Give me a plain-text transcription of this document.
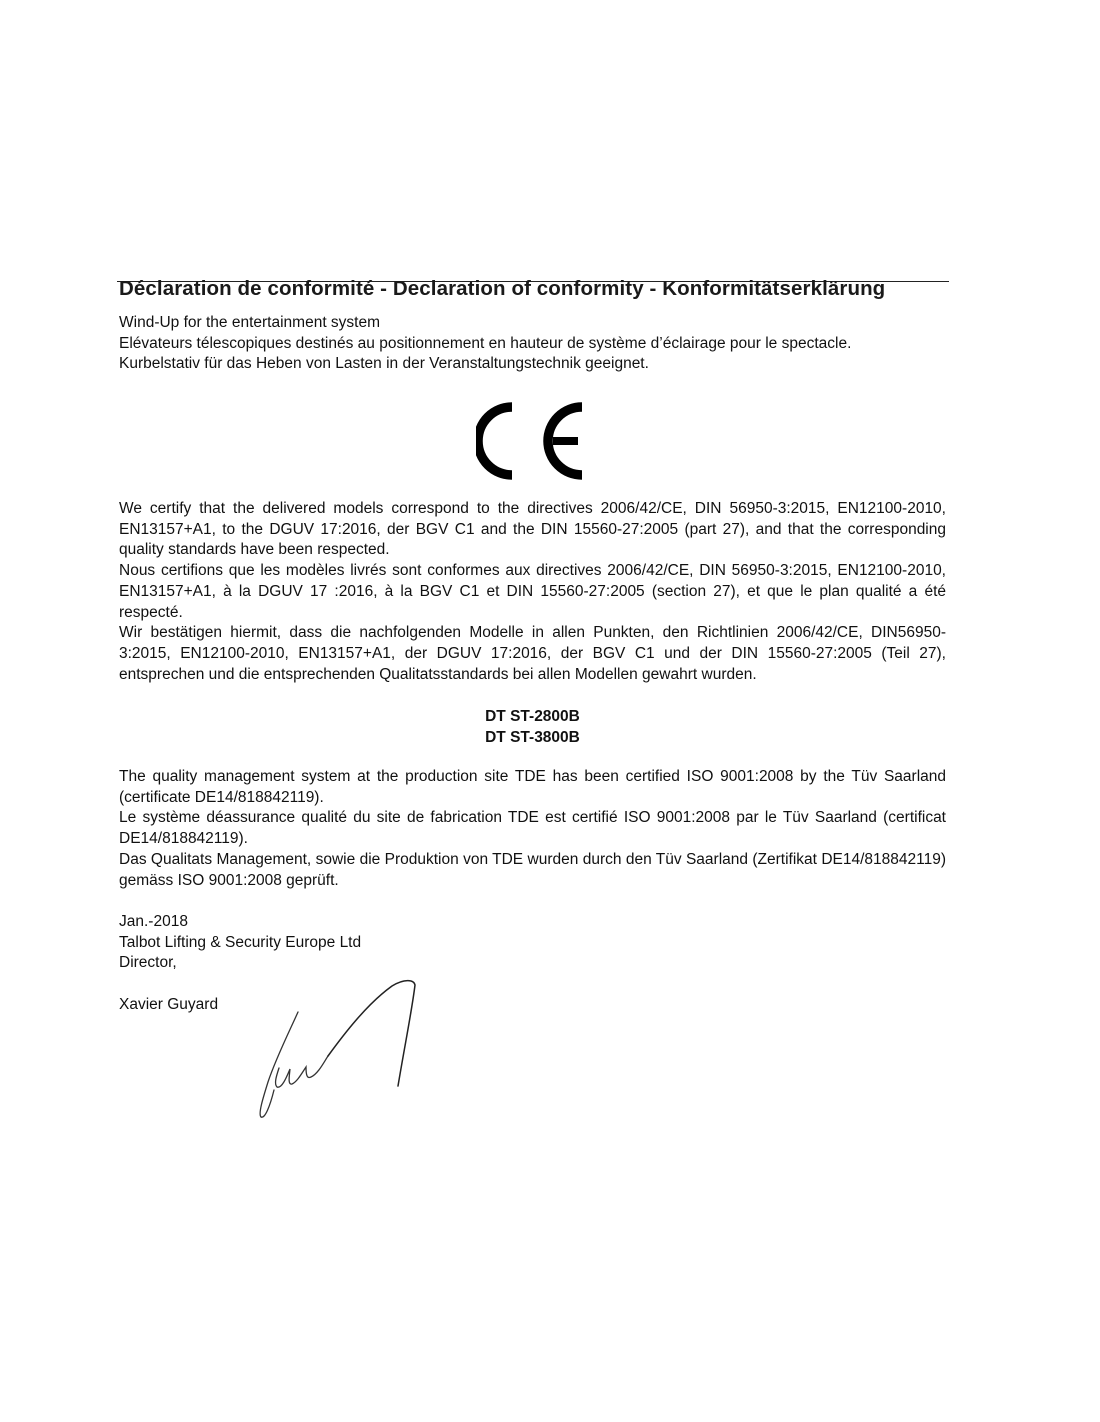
Déclaration de conformité - Declaration of conformity - Konformitätserklärung
Wind-Up for the entertainment system
Elévateurs télescopiques destinés au positionnement en hauteur de système d’éclairage pour le spectacle.
Kurbelstativ für das Heben von Lasten in der Veranstaltungstechnik geeignet.

We certify that the delivered models correspond to the directives 2006/42/CE, DIN 56950-3:2015, EN12100-2010, EN13157+A1, to the DGUV 17:2016, der BGV C1 and the DIN 15560-27:2005 (part 27), and that the corresponding quality standards have been respected.

Nous certifions que les modèles livrés sont conformes aux directives 2006/42/CE, DIN 56950-3:2015, EN12100-2010, EN13157+A1, à la DGUV 17 :2016, à la BGV C1 et DIN 15560-27:2005 (section 27), et que le plan qualité a été respecté.

Wir bestätigen hiermit, dass die nachfolgenden Modelle in allen Punkten, den Richtlinien 2006/42/CE, DIN56950-3:2015, EN12100-2010, EN13157+A1, der DGUV 17:2016, der BGV C1 und der DIN 15560-27:2005 (Teil 27), entsprechen und die entsprechenden Qualitatsstandards bei allen Modellen gewahrt wurden.

DT ST-2800B
DT ST-3800B

The quality management system at the production site TDE has been certified ISO 9001:2008 by the Tüv Saarland (certificate DE14/818842119).

Le système déassurance qualité du site de fabrication TDE est certifié ISO 9001:2008 par le Tüv Saarland (certificat DE14/818842119).

Das Qualitats Management, sowie die Produktion von TDE wurden durch den Tüv Saarland (Zertifikat DE14/818842119) gemäss ISO 9001:2008 geprüft.

Jan.-2018
Talbot Lifting & Security Europe Ltd
Director,
Xavier Guyard
